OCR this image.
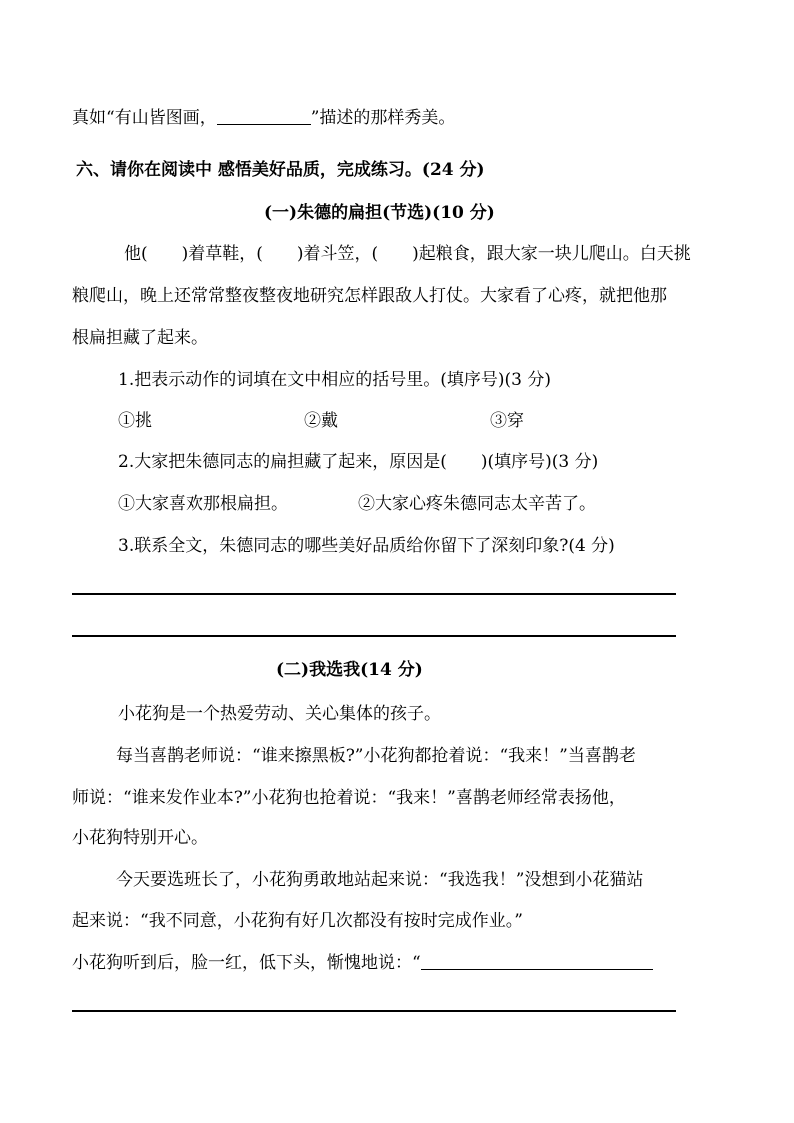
真如“有山皆图画，	”描述的那样秀美。
六、请你在阅读中 感悟美好品质，完成练习。(24 分)
(一)朱德的扁担(节选)(10 分)
他(　　)着草鞋，(　　)着斗笠，(　　)起粮食，跟大家一块儿爬山。白天挑
粮爬山，晚上还常常整夜整夜地研究怎样跟敌人打仗。大家看了心疼，就把他那
根扁担藏了起来。
1.把表示动作的词填在文中相应的括号里。(填序号)(3 分)
①挑	②戴	③穿
2.大家把朱德同志的扁担藏了起来，原因是(　　)(填序号)(3 分)
①大家喜欢那根扁担。	②大家心疼朱德同志太辛苦了。
3.联系全文，朱德同志的哪些美好品质给你留下了深刻印象?(4 分)
(二)我选我(14 分)
小花狗是一个热爱劳动、关心集体的孩子。
每当喜鹊老师说：“谁来擦黑板?”小花狗都抢着说：“我来！”当喜鹊老
师说：“谁来发作业本?”小花狗也抢着说：“我来！”喜鹊老师经常表扬他，
小花狗特别开心。
今天要选班长了，小花狗勇敢地站起来说：“我选我！”没想到小花猫站
起来说：“我不同意，小花狗有好几次都没有按时完成作业。”
小花狗听到后，脸一红，低下头，惭愧地说：“
